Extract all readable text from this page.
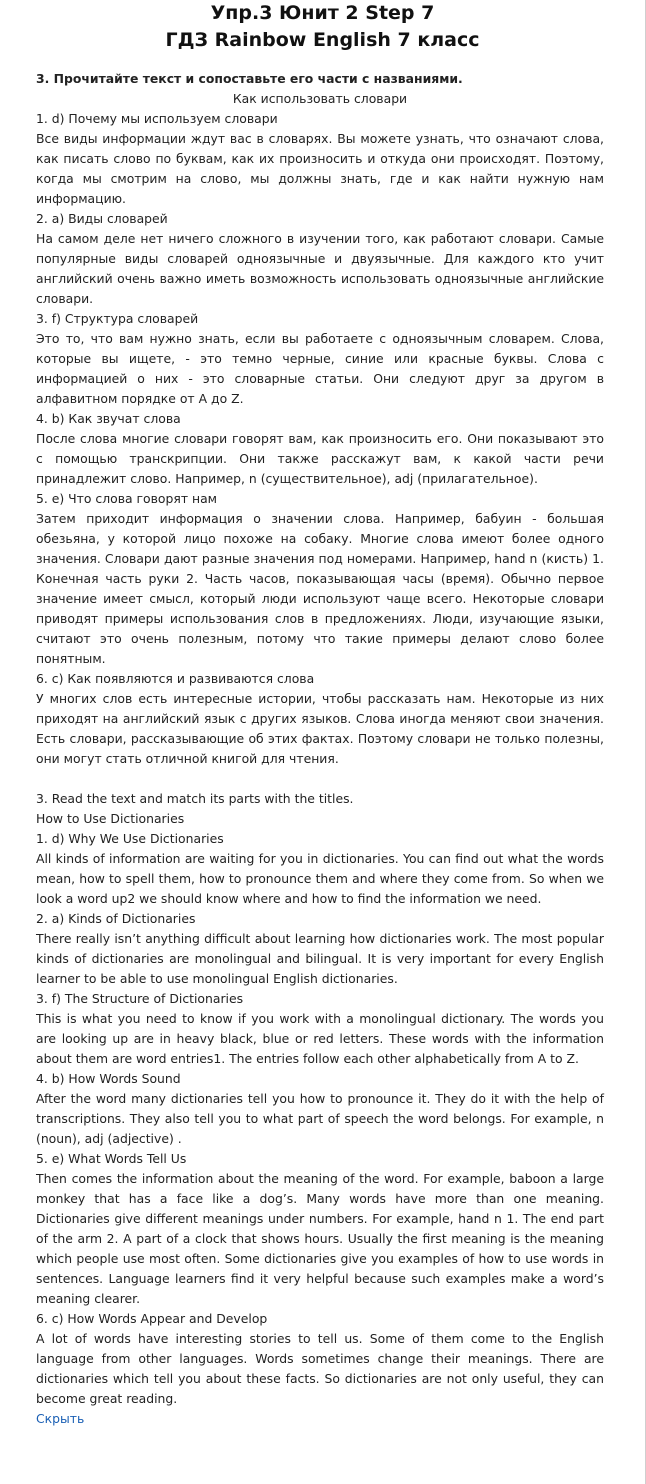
Упр.3 Юнит 2 Step 7
ГДЗ Rainbow English 7 класс

3. Прочитайте текст и сопоставьте его части с названиями.

Как использовать словари

1. d) Почему мы используем словари

Все виды информации ждут вас в словарях. Вы можете узнать, что означают слова, как писать слово по буквам, как их произносить и откуда они происходят. Поэтому, когда мы смотрим на слово, мы должны знать, где и как найти нужную нам информацию.

2. а) Виды словарей

На самом деле нет ничего сложного в изучении того, как работают словари. Самые популярные виды словарей одноязычные и двуязычные. Для каждого кто учит английский очень важно иметь возможность использовать одноязычные английские словари.

3. f) Структура словарей

Это то, что вам нужно знать, если вы работаете с одноязычным словарем. Слова, которые вы ищете, - это темно черные, синие или красные буквы. Слова с информацией о них - это словарные статьи. Они следуют друг за другом в алфавитном порядке от А до Z.

4. b) Как звучат слова

После слова многие словари говорят вам, как произносить его. Они показывают это с помощью транскрипции. Они также расскажут вам, к какой части речи принадлежит слово. Например, n (существительное), adj (прилагательное).

5. е) Что слова говорят нам

Затем приходит информация о значении слова. Например, бабуин - большая обезьяна, у которой лицо похоже на собаку. Многие слова имеют более одного значения. Словари дают разные значения под номерами. Например, hand n (кисть) 1. Конечная часть руки 2. Часть часов, показывающая часы (время). Обычно первое значение имеет смысл, который люди используют чаще всего. Некоторые словари приводят примеры использования слов в предложениях. Люди, изучающие языки, считают это очень полезным, потому что такие примеры делают слово более понятным.

6. с) Как появляются и развиваются слова

У многих слов есть интересные истории, чтобы рассказать нам. Некоторые из них приходят на английский язык с других языков. Слова иногда меняют свои значения. Есть словари, рассказывающие об этих фактах. Поэтому словари не только полезны, они могут стать отличной книгой для чтения.

3. Read the text and match its parts with the titles.

How to Use Dictionaries

1. d) Why We Use Dictionaries

All kinds of information are waiting for you in dictionaries. You can find out what the words mean, how to spell them, how to pronounce them and where they come from. So when we look a word up2 we should know where and how to find the information we need.

2. a) Kinds of Dictionaries

There really isn’t anything difficult about learning how dictionaries work. The most popular kinds of dictionaries are monolingual and bilingual. It is very important for every English learner to be able to use monolingual English dictionaries.

3. f) The Structure of Dictionaries

This is what you need to know if you work with a monolingual dictionary. The words you are looking up are in heavy black, blue or red letters. These words with the information about them are word entries1. The entries follow each other alphabetically from A to Z.

4. b) How Words Sound

After the word many dictionaries tell you how to pronounce it. They do it with the help of transcriptions. They also tell you to what part of speech the word belongs. For example, n (noun), adj (adjective) .

5. e) What Words Tell Us

Then comes the information about the meaning of the word. For example, baboon a large monkey that has a face like a dog’s. Many words have more than one meaning. Dictionaries give different meanings under numbers. For example, hand n 1. The end part of the arm 2. A part of a clock that shows hours. Usually the first meaning is the meaning which people use most often. Some dictionaries give you examples of how to use words in sentences. Language learners find it very helpful because such examples make a word’s meaning clearer.

6. c) How Words Appear and Develop

A lot of words have interesting stories to tell us. Some of them come to the English language from other languages. Words sometimes change their meanings. There are dictionaries which tell you about these facts. So dictionaries are not only useful, they can become great reading.

Скрыть
